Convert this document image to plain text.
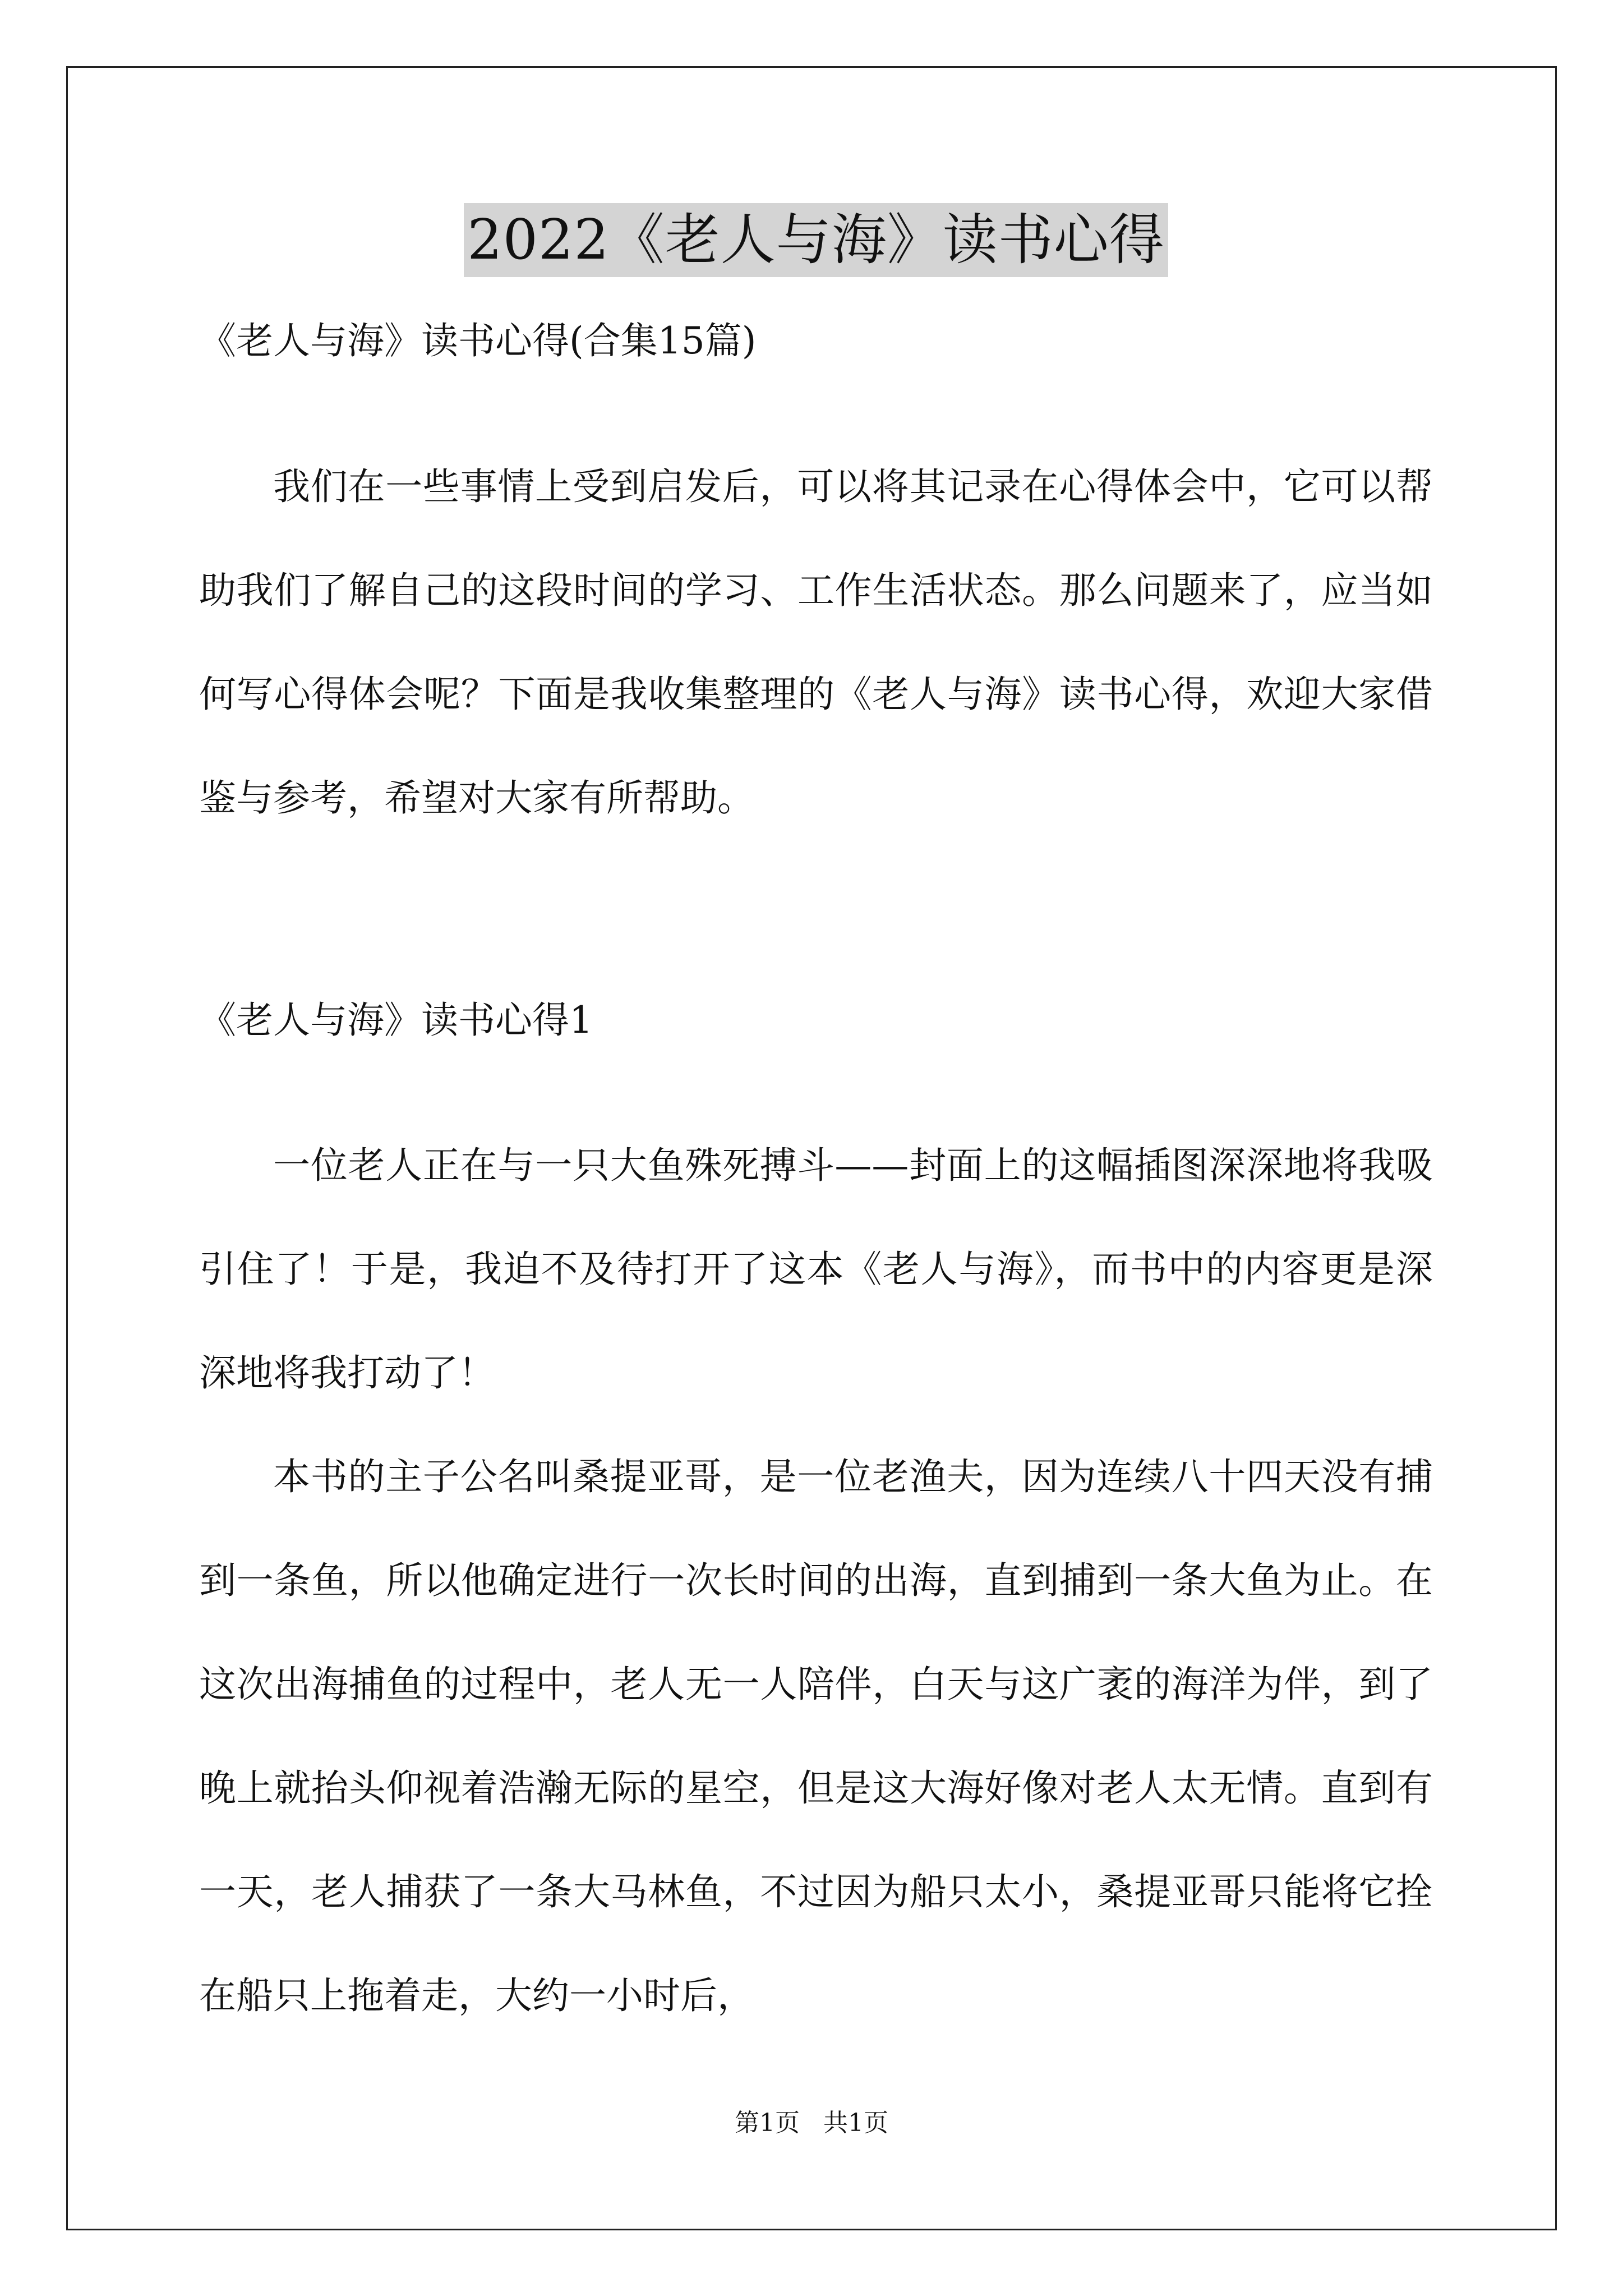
2022《老人与海》读书心得
《老人与海》读书心得(合集15篇)

我们在一些事情上受到启发后，可以将其记录在心得体会中，它可以帮助我们了解自己的这段时间的学习、工作生活状态。那么问题来了，应当如何写心得体会呢？下面是我收集整理的《老人与海》读书心得，欢迎大家借鉴与参考，希望对大家有所帮助。

《老人与海》读书心得1

一位老人正在与一只大鱼殊死搏斗——封面上的这幅插图深深地将我吸引住了！于是，我迫不及待打开了这本《老人与海》，而书中的内容更是深深地将我打动了！

本书的主子公名叫桑提亚哥，是一位老渔夫，因为连续八十四天没有捕到一条鱼，所以他确定进行一次长时间的出海，直到捕到一条大鱼为止。在这次出海捕鱼的过程中，老人无一人陪伴，白天与这广袤的海洋为伴，到了晚上就抬头仰视着浩瀚无际的星空，但是这大海好像对老人太无情。直到有一天，老人捕获了一条大马林鱼，不过因为船只太小，桑提亚哥只能将它拴在船只上拖着走，大约一小时后，

第1页 共1页
